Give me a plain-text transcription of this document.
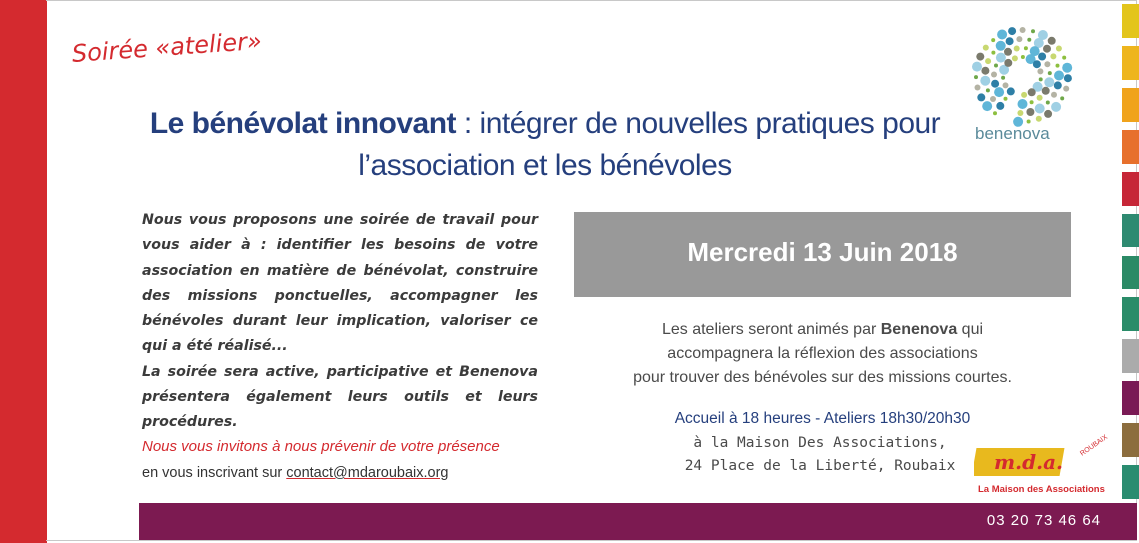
Soirée «atelier»
Le bénévolat innovant : intégrer de nouvelles pratiques pour
l’association et les bénévoles

Nous vous proposons une soirée de travail pour vous aider à : identifier les besoins de votre association en matière de bénévolat, construire des missions ponctuelles, accompagner les bénévoles durant leur implication, valoriser ce qui a été réalisé...

La soirée sera active, participative et Benenova présentera également leurs outils et leurs procédures.

Nous vous invitons à nous prévenir de votre présence
en vous inscrivant sur contact@mdaroubaix.org
Mercredi 13 Juin 2018
Les ateliers seront animés par Benenova qui
accompagnera la réflexion des associations
pour trouver des bénévoles sur des missions courtes.
Accueil à 18 heures - Ateliers 18h30/20h30
à la Maison Des Associations,
24 Place de la Liberté, Roubaix
benenova
m.d.a.
ROUBAIX
La Maison des Associations
03 20 73 46 64
